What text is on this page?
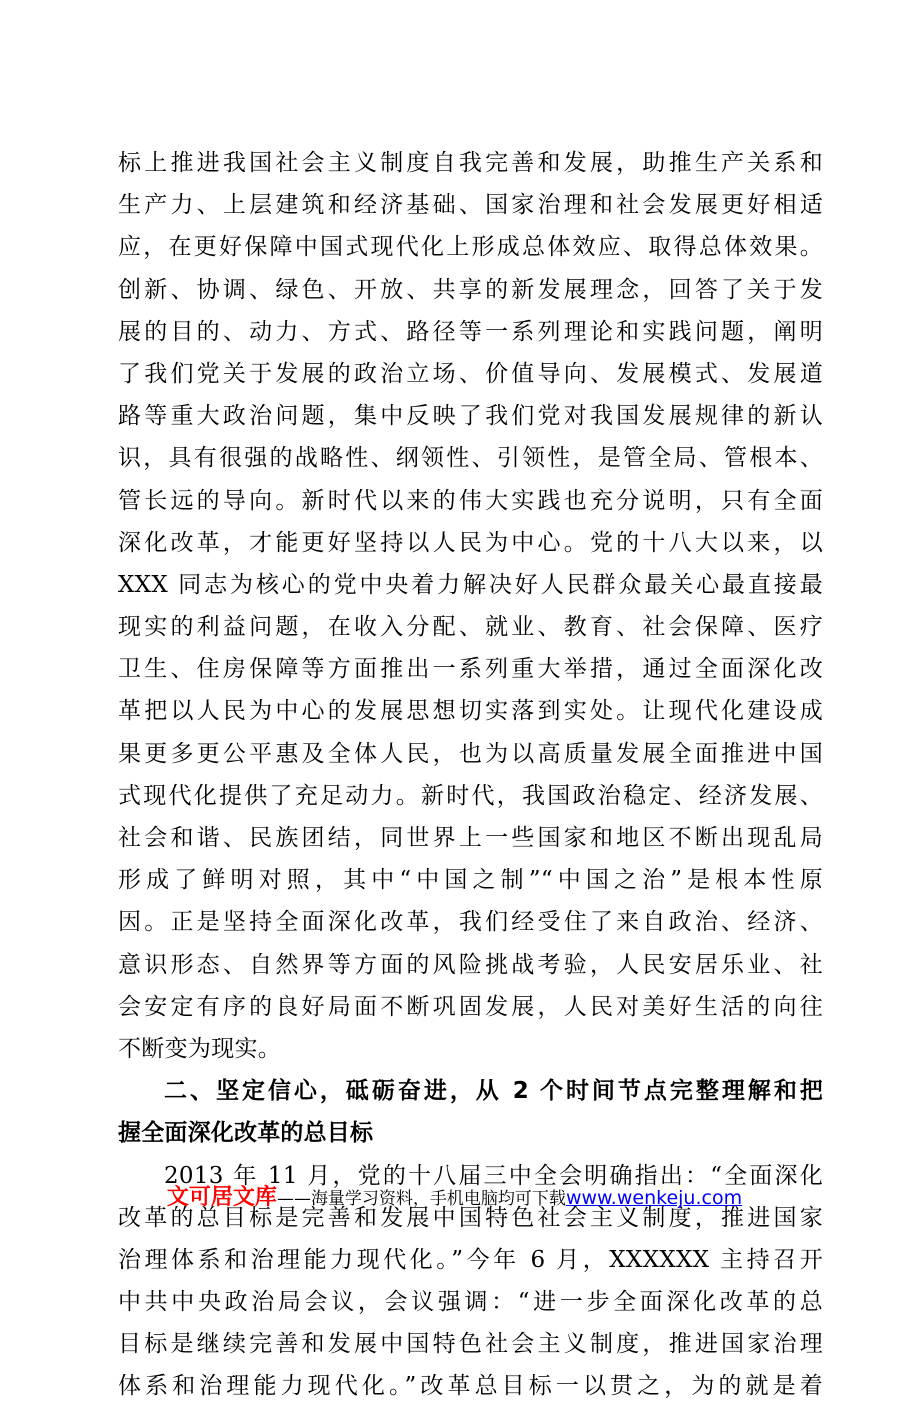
标上推进我国社会主义制度自我完善和发展，助推生产关系和
生产力、上层建筑和经济基础、国家治理和社会发展更好相适
应，在更好保障中国式现代化上形成总体效应、取得总体效果。
创新、协调、绿色、开放、共享的新发展理念，回答了关于发
展的目的、动力、方式、路径等一系列理论和实践问题，阐明
了我们党关于发展的政治立场、价值导向、发展模式、发展道
路等重大政治问题，集中反映了我们党对我国发展规律的新认
识，具有很强的战略性、纲领性、引领性，是管全局、管根本、
管长远的导向。新时代以来的伟大实践也充分说明，只有全面
深化改革，才能更好坚持以人民为中心。党的十八大以来，以
XXX 同志为核心的党中央着力解决好人民群众最关心最直接最
现实的利益问题，在收入分配、就业、教育、社会保障、医疗
卫生、住房保障等方面推出一系列重大举措，通过全面深化改
革把以人民为中心的发展思想切实落到实处。让现代化建设成
果更多更公平惠及全体人民，也为以高质量发展全面推进中国
式现代化提供了充足动力。新时代，我国政治稳定、经济发展、
社会和谐、民族团结，同世界上一些国家和地区不断出现乱局
形成了鲜明对照，其中“中国之制”“中国之治”是根本性原
因。正是坚持全面深化改革，我们经受住了来自政治、经济、
意识形态、自然界等方面的风险挑战考验，人民安居乐业、社
会安定有序的良好局面不断巩固发展，人民对美好生活的向往
不断变为现实。
二、坚定信心，砥砺奋进，从 2 个时间节点完整理解和把
握全面深化改革的总目标
2013 年 11 月，党的十八届三中全会明确指出：“全面深化
改革的总目标是完善和发展中国特色社会主义制度，推进国家
治理体系和治理能力现代化。”今年 6 月，XXXXXX 主持召开
中共中央政治局会议，会议强调：“进一步全面深化改革的总
目标是继续完善和发展中国特色社会主义制度，推进国家治理
体系和治理能力现代化。”改革总目标一以贯之，为的就是着
文可居文库——海量学习资料，手机电脑均可下载www.wenkeju.com
